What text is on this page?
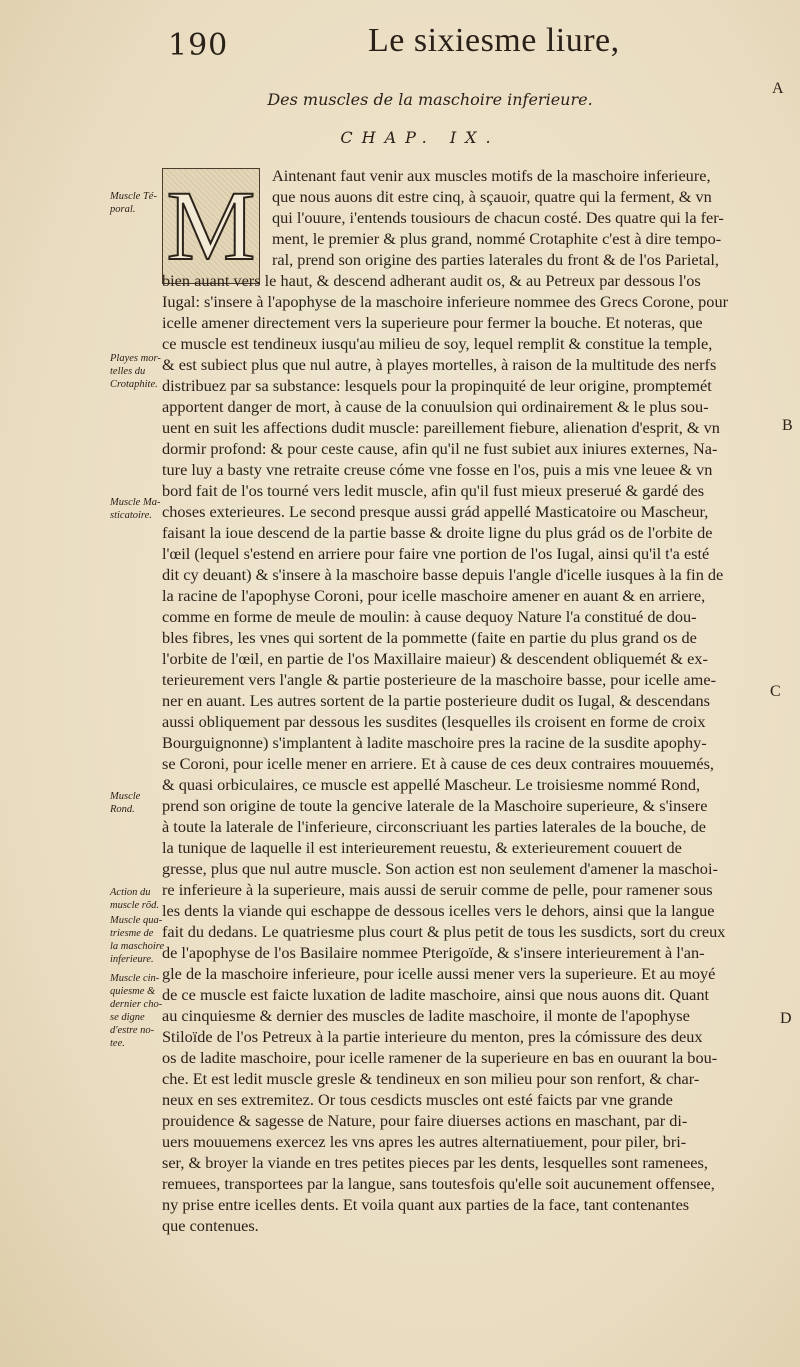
190	Le sixiesme liure,
A
B
C
D
Des muscles de la maschoire inferieure.
CHAP. IX.
M Aintenant faut venir aux muscles motifs de la maschoire inferieure,
que nous auons dit estre cinq, à sçauoir, quatre qui la ferment, & vn
qui l'ouure, i'entends tousiours de chacun costé. Des quatre qui la fer-
ment, le premier & plus grand, nommé Crotaphite c'est à dire tempo-
ral, prend son origine des parties laterales du front & de l'os Parietal,
bien auant vers le haut, & descend adherant audit os, & au Petreux par dessous l'os
Iugal: s'insere à l'apophyse de la maschoire inferieure nommee des Grecs Corone, pour
icelle amener directement vers la superieure pour fermer la bouche. Et noteras, que
ce muscle est tendineux iusqu'au milieu de soy, lequel remplit & constitue la temple,
& est subiect plus que nul autre, à playes mortelles, à raison de la multitude des nerfs
distribuez par sa substance: lesquels pour la propinquité de leur origine, promptemét
apportent danger de mort, à cause de la conuulsion qui ordinairement & le plus sou-
uent en suit les affections dudit muscle: pareillement fiebure, alienation d'esprit, & vn
dormir profond: & pour ceste cause, afin qu'il ne fust subiet aux iniures externes, Na-
ture luy a basty vne retraite creuse cóme vne fosse en l'os, puis a mis vne leuee & vn
bord fait de l'os tourné vers ledit muscle, afin qu'il fust mieux preserué & gardé des
choses exterieures. Le second presque aussi grád appellé Masticatoire ou Mascheur,
faisant la ioue descend de la partie basse & droite ligne du plus grád os de l'orbite de
l'œil (lequel s'estend en arriere pour faire vne portion de l'os Iugal, ainsi qu'il t'a esté
dit cy deuant) & s'insere à la maschoire basse depuis l'angle d'icelle iusques à la fin de
la racine de l'apophyse Coroni, pour icelle maschoire amener en auant & en arriere,
comme en forme de meule de moulin: à cause dequoy Nature l'a constitué de dou-
bles fibres, les vnes qui sortent de la pommette (faite en partie du plus grand os de
l'orbite de l'œil, en partie de l'os Maxillaire maieur) & descendent obliquemét & ex-
terieurement vers l'angle & partie posterieure de la maschoire basse, pour icelle ame-
ner en auant. Les autres sortent de la partie posterieure dudit os Iugal, & descendans
aussi obliquement par dessous les susdites (lesquelles ils croisent en forme de croix
Bourguignonne) s'implantent à ladite maschoire pres la racine de la susdite apophy-
se Coroni, pour icelle mener en arriere. Et à cause de ces deux contraires mouuemés,
& quasi orbiculaires, ce muscle est appellé Mascheur. Le troisiesme nommé Rond,
prend son origine de toute la gencive laterale de la Maschoire superieure, & s'insere
à toute la laterale de l'inferieure, circonscriuant les parties laterales de la bouche, de
la tunique de laquelle il est interieurement reuestu, & exterieurement couuert de
gresse, plus que nul autre muscle. Son action est non seulement d'amener la maschoi-
re inferieure à la superieure, mais aussi de seruir comme de pelle, pour ramener sous
les dents la viande qui eschappe de dessous icelles vers le dehors, ainsi que la langue
fait du dedans. Le quatriesme plus court & plus petit de tous les susdicts, sort du creux
de l'apophyse de l'os Basilaire nommee Pterigoïde, & s'insere interieurement à l'an-
gle de la maschoire inferieure, pour icelle aussi mener vers la superieure. Et au moyé
de ce muscle est faicte luxation de ladite maschoire, ainsi que nous auons dit. Quant
au cinquiesme & dernier des muscles de ladite maschoire, il monte de l'apophyse
Stiloïde de l'os Petreux à la partie interieure du menton, pres la cómissure des deux
os de ladite maschoire, pour icelle ramener de la superieure en bas en ouurant la bou-
che. Et est ledit muscle gresle & tendineux en son milieu pour son renfort, & char-
neux en ses extremitez. Or tous cesdicts muscles ont esté faicts par vne grande
prouidence & sagesse de Nature, pour faire diuerses actions en maschant, par di-
uers mouuemens exercez les vns apres les autres alternatiuement, pour piler, bri-
ser, & broyer la viande en tres petites pieces par les dents, lesquelles sont ramenees,
remuees, transportees par la langue, sans toutesfois qu'elle soit aucunement offensee,
ny prise entre icelles dents. Et voila quant aux parties de la face, tant contenantes
que contenues.
Muscle Té-
poral.
Playes mor-
telles du
Crotaphite.
Muscle Ma-
sticatoire.
Muscle
Rond.
Action du
muscle rõd.
Muscle qua-
triesme de
la maschoire
inferieure.
Muscle cin-
quiesme &
dernier cho-
se digne
d'estre no-
tee.
